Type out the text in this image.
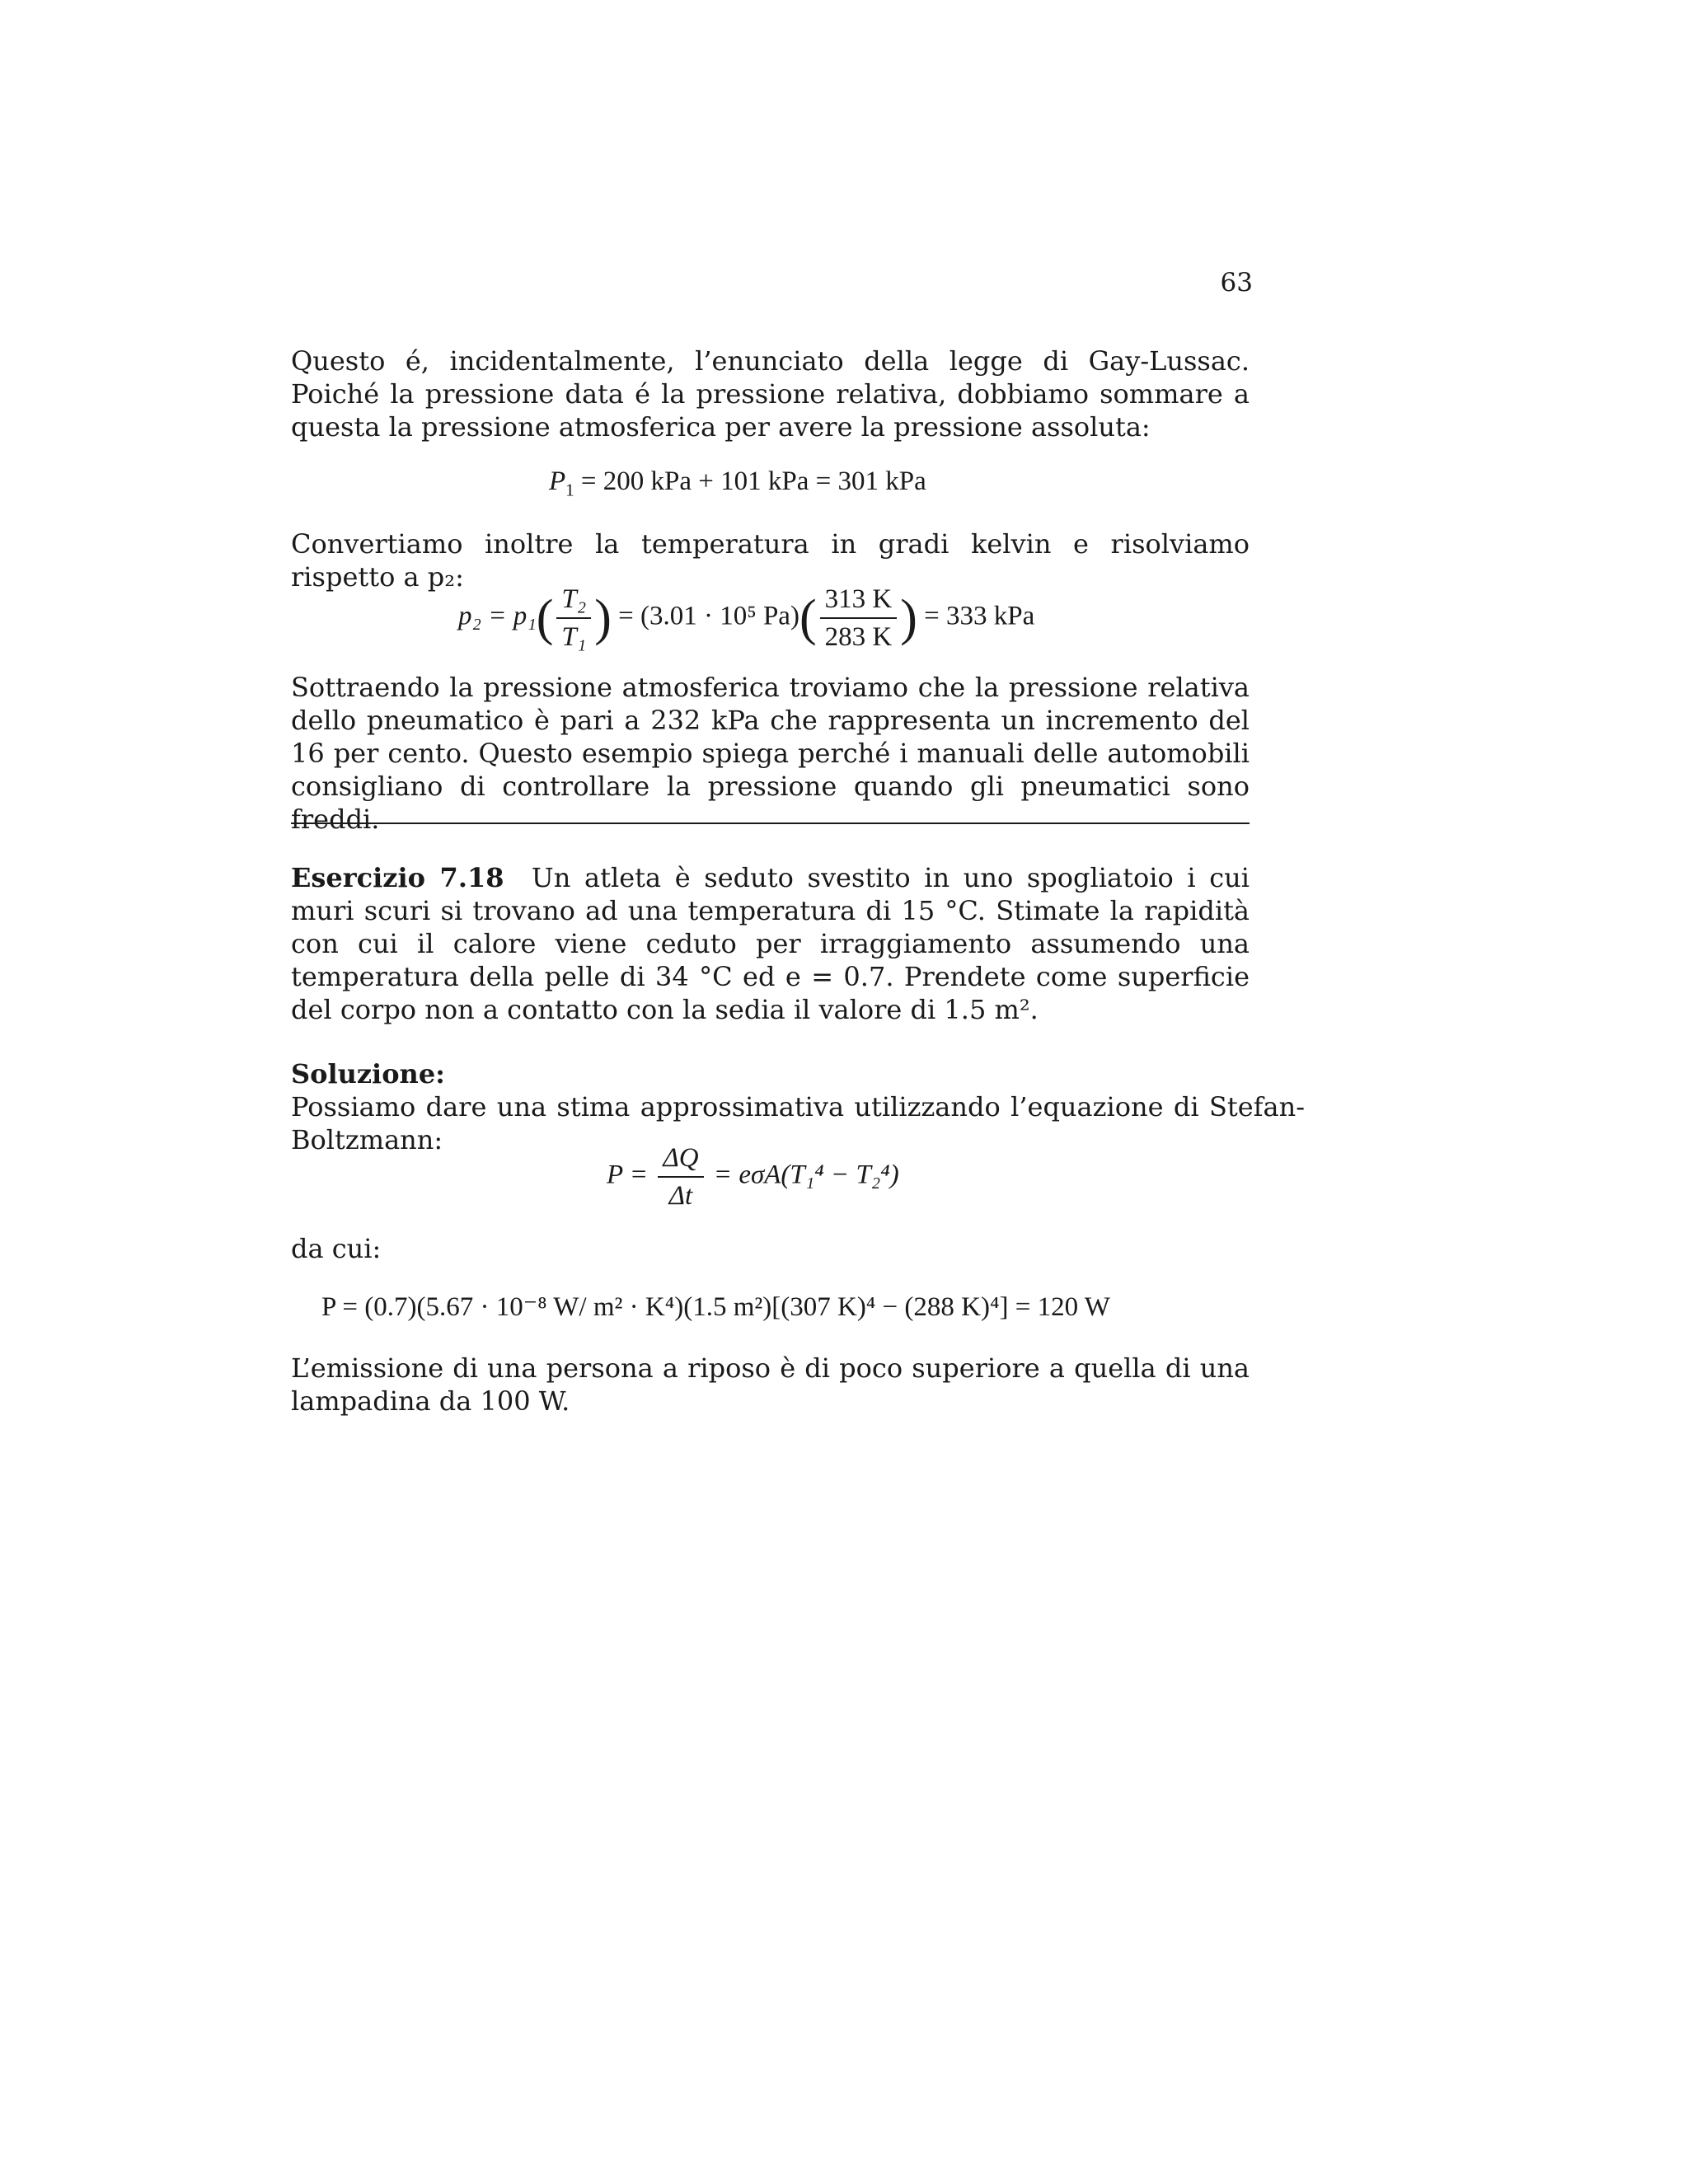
63

Questo é, incidentalmente, l’enunciato della legge di Gay-Lussac. Poiché la pressione data é la pressione relativa, dobbiamo sommare a questa la pressione atmosferica per avere la pressione assoluta:

$P_1 = 200$ kPa + 101 kPa = 301 kPa

Convertiamo inoltre la temperatura in gradi kelvin e risolviamo rispetto a p₂:

$p_2 = p_1( \frac{\text{T₂}}{\text{T₁}}$ ) = (3.01 · 10⁵ $Pa)( \frac{313 K}{283 K}$ ) = 333 kPa

Sottraendo la pressione atmosferica troviamo che la pressione relativa dello pneumatico è pari a 232 kPa che rappresenta un incremento del 16 per cento. Questo esempio spiega perché i manuali delle automobili consigliano di controllare la pressione quando gli pneumatici sono freddi.

Esercizio 7.18 Un atleta è seduto svestito in uno spogliatoio i cui muri scuri si trovano ad una temperatura di 15 °C. Stimate la rapidità con cui il calore viene ceduto per irraggiamento assumendo una temperatura della pelle di 34 °C ed e = 0.7. Prendete come superficie del corpo non a contatto con la sedia il valore di 1.5 m².

Soluzione:

Possiamo dare una stima approssimativa utilizzando l’equazione di Stefan-Boltzmann:

$P = \frac{\Delta Q}{\Delta t} = e\sigma A(T_1^4 - T_2^4)$

da cui:

P = (0.7)(5.67 · 10⁻⁸ W/ m² · K⁴)(1.5 m²)[(307 K)⁴ − (288 K)⁴] = 120 W

L’emissione di una persona a riposo è di poco superiore a quella di una lampadina da 100 W.
